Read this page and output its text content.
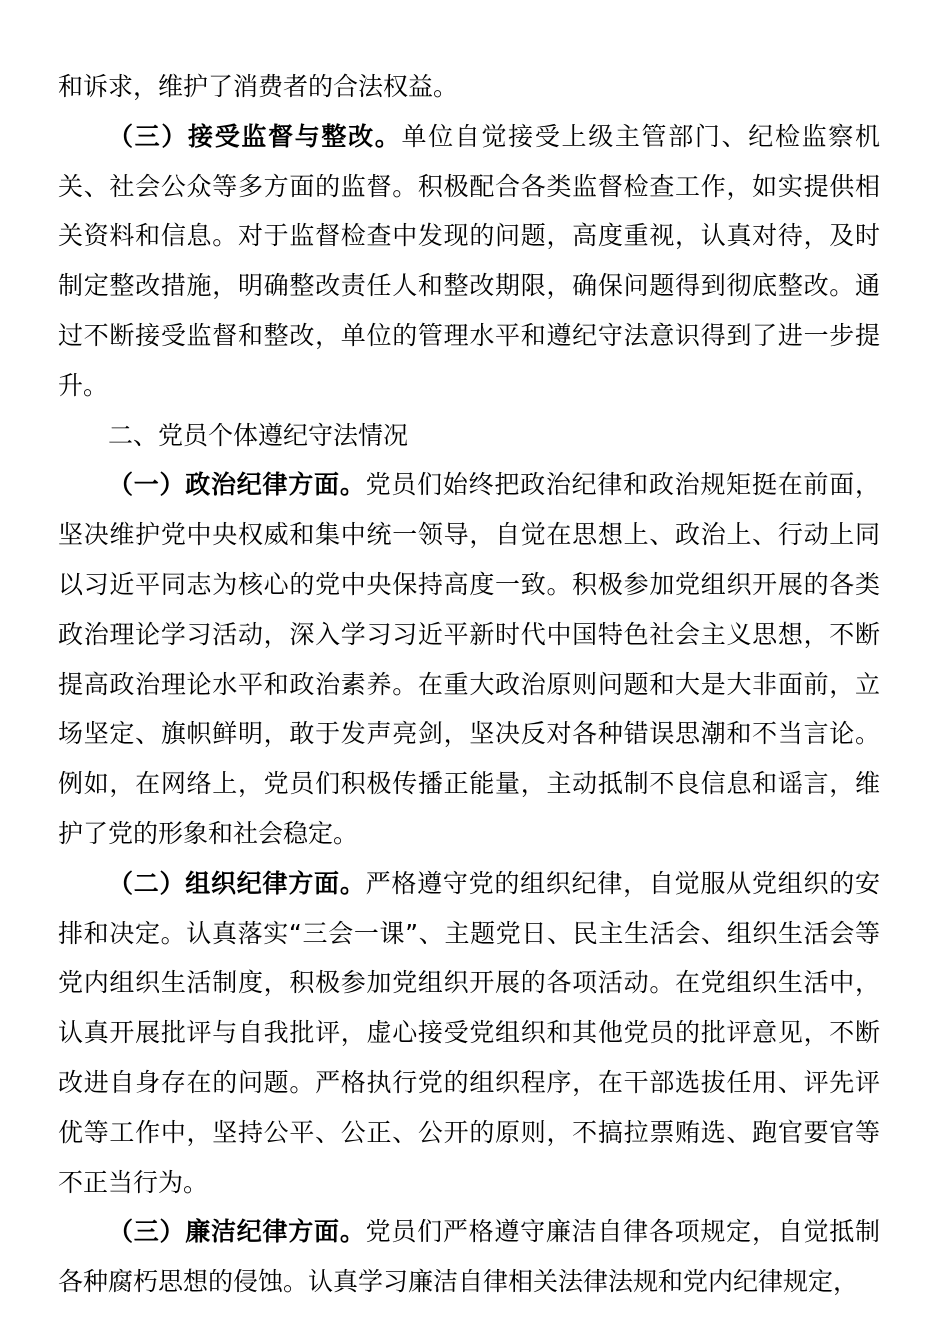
和诉求，维护了消费者的合法权益。

（三）接受监督与整改。单位自觉接受上级主管部门、纪检监察机关、社会公众等多方面的监督。积极配合各类监督检查工作，如实提供相关资料和信息。对于监督检查中发现的问题，高度重视，认真对待，及时制定整改措施，明确整改责任人和整改期限，确保问题得到彻底整改。通过不断接受监督和整改，单位的管理水平和遵纪守法意识得到了进一步提升。

二、党员个体遵纪守法情况

（一）政治纪律方面。党员们始终把政治纪律和政治规矩挺在前面，坚决维护党中央权威和集中统一领导，自觉在思想上、政治上、行动上同以习近平同志为核心的党中央保持高度一致。积极参加党组织开展的各类政治理论学习活动，深入学习习近平新时代中国特色社会主义思想，不断提高政治理论水平和政治素养。在重大政治原则问题和大是大非面前，立场坚定、旗帜鲜明，敢于发声亮剑，坚决反对各种错误思潮和不当言论。例如，在网络上，党员们积极传播正能量，主动抵制不良信息和谣言，维护了党的形象和社会稳定。

（二）组织纪律方面。严格遵守党的组织纪律，自觉服从党组织的安排和决定。认真落实“三会一课”、主题党日、民主生活会、组织生活会等党内组织生活制度，积极参加党组织开展的各项活动。在党组织生活中，认真开展批评与自我批评，虚心接受党组织和其他党员的批评意见，不断改进自身存在的问题。严格执行党的组织程序，在干部选拔任用、评先评优等工作中，坚持公平、公正、公开的原则，不搞拉票贿选、跑官要官等不正当行为。

（三）廉洁纪律方面。党员们严格遵守廉洁自律各项规定，自觉抵制各种腐朽思想的侵蚀。认真学习廉洁自律相关法律法规和党内纪律规定，
